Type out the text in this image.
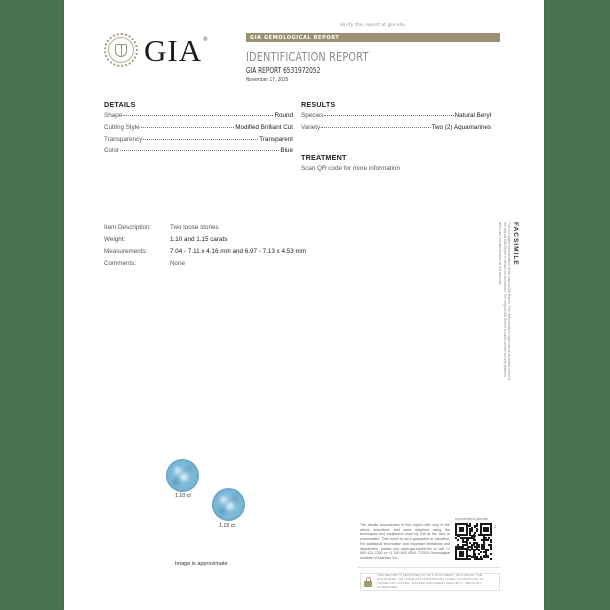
Verify this report at gia.edu
GIA®	GIA GEMOLOGICAL REPORT
IDENTIFICATION REPORT
GIA REPORT 6531972052
November 17, 2025
DETAILS
Shape	Round
Cutting Style	Modified Brilliant Cut
Transparency	Transparent
Color	Blue
RESULTS
Species	Natural Beryl
Variety	Two (2) Aquamarines
TREATMENT
Scan QR code for more information
Item Description:	Two loose stones
Weight:	1.10 and 1.15 carats
Measurements:	7.04 - 7.11 x 4.16 mm and 6.97 - 7.13 x 4.53 mm
Comments:	None	FACSIMILE
This is a digital representation of the original GIA Report. This representation might not be accepted in lieu of the original GIA Report in certain circumstances. The original GIA Report includes certain security features which are not reproducible on this facsimile.
1.10 ct
1.15 ct
Image is approximate
The results documented in this report refer only to the article described, and were obtained using the techniques and equipment used by GIA at the time of examination. This report is not a guarantee or valuation. For additional information and important limitations and disclaimers, please see www.gia.edu/terms or call +1 800 421 7250 or +1 760 603 4500. ©2025 Gemological Institute of America, Inc.
reportcheck.gia.edu
2
THE SECURITY FEATURES IN THIS DOCUMENT, INCLUDING THE HOLOGRAM, QR CODE AND MICROPRINT LINES, IN ADDITION TO THOSE NOT LISTED, EXCEED DOCUMENT SECURITY INDUSTRY GUIDELINES.
